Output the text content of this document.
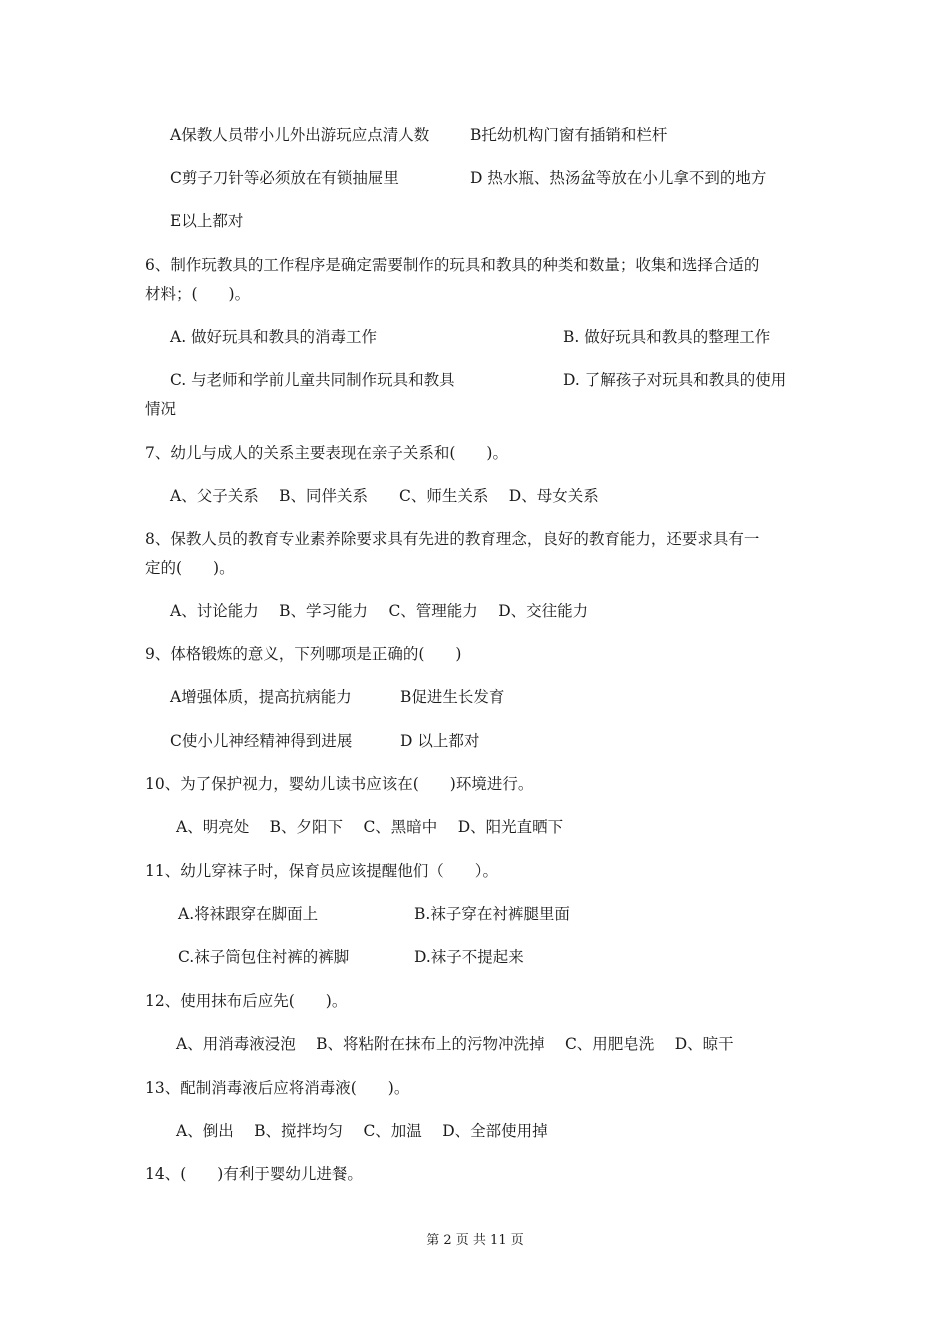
A保教人员带小儿外出游玩应点清人数	B托幼机构门窗有插销和栏杆
C剪子刀针等必须放在有锁抽屉里	D 热水瓶、热汤盆等放在小儿拿不到的地方
E以上都对
6、制作玩教具的工作程序是确定需要制作的玩具和教具的种类和数量；收集和选择合适的
材料；(　　)。
A. 做好玩具和教具的消毒工作	B. 做好玩具和教具的整理工作
C. 与老师和学前儿童共同制作玩具和教具	D. 了解孩子对玩具和教具的使用
情况
7、幼儿与成人的关系主要表现在亲子关系和(　　)。
A、父子关系　 B、同伴关系　　C、师生关系　 D、母女关系
8、保教人员的教育专业素养除要求具有先进的教育理念，良好的教育能力，还要求具有一
定的(　　)。
A、讨论能力　 B、学习能力　 C、管理能力　 D、交往能力
9、体格锻炼的意义，下列哪项是正确的(　　)
A增强体质，提高抗病能力	B促进生长发育
C使小儿神经精神得到进展	D 以上都对
10、为了保护视力，婴幼儿读书应该在(　　)环境进行。
A、明亮处　 B、夕阳下　 C、黑暗中　 D、阳光直晒下
11、幼儿穿袜子时，保育员应该提醒他们（　　）。
A.将袜跟穿在脚面上	B.袜子穿在衬裤腿里面
C.袜子筒包住衬裤的裤脚	D.袜子不提起来
12、使用抹布后应先(　　)。
A、用消毒液浸泡　 B、将粘附在抹布上的污物冲洗掉　 C、用肥皂洗　 D、晾干
13、配制消毒液后应将消毒液(　　)。
A、倒出　 B、搅拌均匀　 C、加温　 D、全部使用掉
14、(　　)有利于婴幼儿进餐。
第 2 页 共 11 页
